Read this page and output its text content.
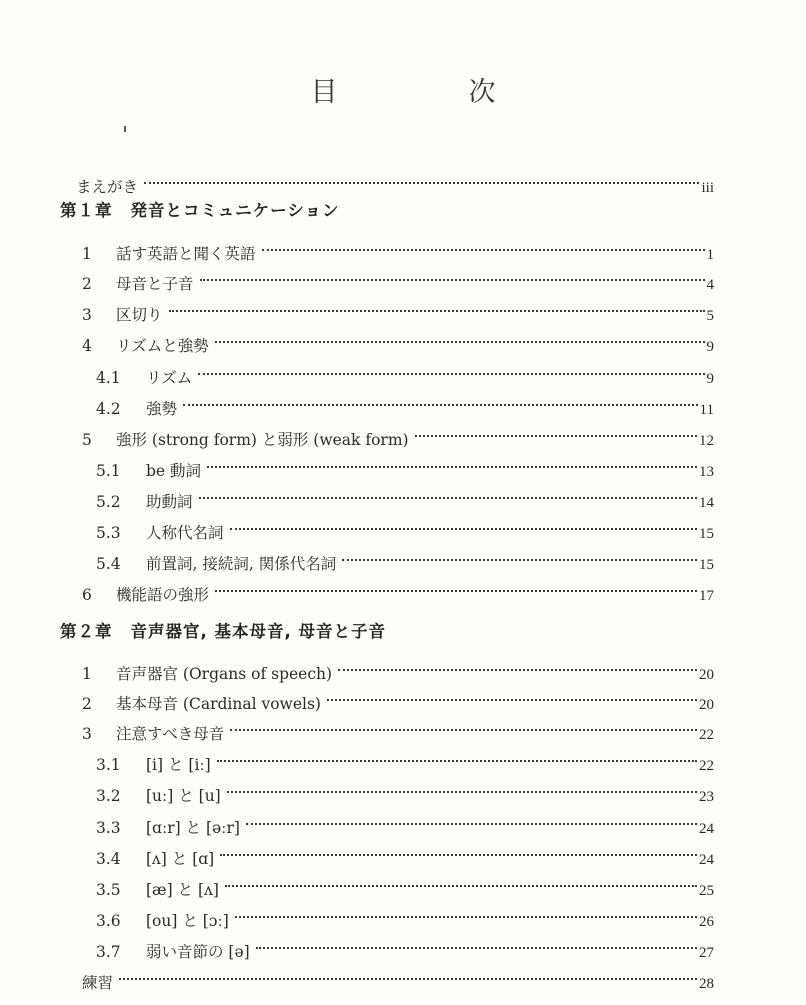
目　次
まえがき	iii
第１章 発音とコミュニケーション
1 話す英語と聞く英語	1
2 母音と子音	4
3 区切り	5
4 リズムと強勢	9
4.1 リズム	9
4.2 強勢	11
5 強形 (strong form) と弱形 (weak form)	12
5.1 be 動詞	13
5.2 助動詞	14
5.3 人称代名詞	15
5.4 前置詞, 接続詞, 関係代名詞	15
6 機能語の強形	17
第２章 音声器官, 基本母音, 母音と子音
1 音声器官 (Organs of speech)	20
2 基本母音 (Cardinal vowels)	20
3 注意すべき母音	22
3.1 [i] と [iː]	22
3.2 [uː] と [u]	23
3.3 [ɑːr] と [əːr]	24
3.4 [ʌ] と [ɑ]	24
3.5 [æ] と [ʌ]	25
3.6 [ou] と [ɔː]	26
3.7 弱い音節の [ə]	27
練習	28
